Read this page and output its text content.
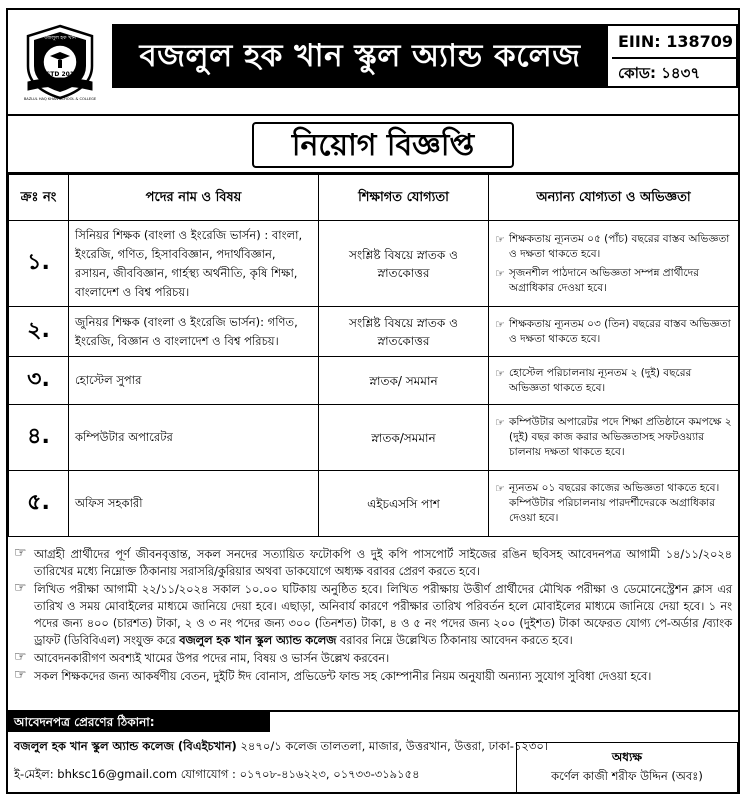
বজলুল হক খান
ESTD 2016
BAZLUL HAQ KHAN SCHOOL & COLLEGE
বজলুল হক খান স্কুল অ্যান্ড কলেজ	EIIN: 138709
কোড: ১৪৩৭
নিয়োগ বিজ্ঞপ্তি
ক্রঃ নং	পদের নাম ও বিষয়	শিক্ষাগত যোগ্যতা	অন্যান্য যোগ্যতা ও অভিজ্ঞতা
১.	সিনিয়র শিক্ষক (বাংলা ও ইংরেজি ভার্সন) : বাংলা, ইংরেজি, গণিত, হিসাববিজ্ঞান, পদার্থবিজ্ঞান, রসায়ন, জীববিজ্ঞান, গার্হস্থ্য অর্থনীতি, কৃষি শিক্ষা, বাংলাদেশ ও বিশ্ব পরিচয়।	সংশ্লিষ্ট বিষয়ে স্নাতক ও স্নাতকোত্তর	☞ শিক্ষকতায় ন্যূনতম ০৫ (পাঁচ) বছরের বাস্তব অভিজ্ঞতা ও দক্ষতা থাকতে হবে।
☞ সৃজনশীল পাঠদানে অভিজ্ঞতা সম্পন্ন প্রার্থীদের অগ্রাধিকার দেওয়া হবে।

২.	জুনিয়র শিক্ষক (বাংলা ও ইংরেজি ভার্সন): গণিত, ইংরেজি, বিজ্ঞান ও বাংলাদেশ ও বিশ্ব পরিচয়।	সংশ্লিষ্ট বিষয়ে স্নাতক ও স্নাতকোত্তর	☞ শিক্ষকতায় ন্যূনতম ০৩ (তিন) বছরের বাস্তব অভিজ্ঞতা ও দক্ষতা থাকতে হবে।

৩.	হোস্টেল সুপার	স্নাতক/ সমমান	☞ হোস্টেল পরিচালনায় ন্যূনতম ২ (দুই) বছরের অভিজ্ঞতা থাকতে হবে।

৪.	কম্পিউটার অপারেটর	স্নাতক/সমমান	☞ কম্পিউটার অপারেটর পদে শিক্ষা প্রতিষ্ঠানে কমপক্ষে ২ (দুই) বছর কাজ করার অভিজ্ঞতাসহ সফটওয়্যার চালনায় দক্ষতা থাকতে হবে।

৫.	অফিস সহকারী	এইচএসসি পাশ	☞ ন্যূনতম ০১ বছরের কাজের অভিজ্ঞতা থাকতে হবে। কম্পিউটার পরিচালনায় পারদর্শীদেরকে অগ্রাধিকার দেওয়া হবে।

☞ আগ্রহী প্রার্থীদের পূর্ণ জীবনবৃত্তান্ত, সকল সনদের সত্যায়িত ফটোকপি ও দুই কপি পাসপোর্ট সাইজের রঙিন ছবিসহ আবেদনপত্র আগামী ১৪/১১/২০২৪ তারিখের মধ্যে নিম্নোক্ত ঠিকানায় সরাসরি/কুরিয়ার অথবা ডাকযোগে অধ্যক্ষ বরাবর প্রেরণ করতে হবে।

☞ লিখিত পরীক্ষা আগামী ২২/১১/২০২৪ সকাল ১০.০০ ঘটিকায় অনুষ্ঠিত হবে। লিখিত পরীক্ষায় উত্তীর্ণ প্রার্থীদের মৌখিক পরীক্ষা ও ডেমোনেস্ট্রেশন ক্লাস এর তারিখ ও সময় মোবাইলের মাধ্যমে জানিয়ে দেয়া হবে। এছাড়া, অনিবার্য কারণে পরীক্ষার তারিখ পরিবর্তন হলে মোবাইলের মাধ্যমে জানিয়ে দেয়া হবে। ১ নং পদের জন্য ৪০০ (চারশত) টাকা, ২ ও ৩ নং পদের জন্য ৩০০ (তিনশত) টাকা, ৪ ও ৫ নং পদের জন্য ২০০ (দুইশত) টাকা অফেরত যোগ্য পে-অর্ডার /ব্যাংক ড্রাফট (ডিবিবিএল) সংযুক্ত করে বজলুল হক খান স্কুল অ্যান্ড কলেজ বরাবর নিম্নে উল্লেখিত ঠিকানায় আবেদন করতে হবে।

☞ আবেদনকারীগণ অবশ্যই খামের উপর পদের নাম, বিষয় ও ভার্সন উল্লেখ করবেন।

☞ সকল শিক্ষকদের জন্য আকর্ষণীয় বেতন, দুইটি ঈদ বোনাস, প্রভিডেন্ট ফান্ড সহ কোম্পানীর নিয়ম অনুযায়ী অন্যান্য সুযোগ সুবিধা দেওয়া হবে।

আবেদনপত্র প্রেরণের ঠিকানা:
বজলুল হক খান স্কুল অ্যান্ড কলেজ (বিএইচখান) ২৪৭০/১ কলেজ তালতলা, মাজার, উত্তরখান, উত্তরা, ঢাকা-১২৩০।
ই-মেইল: bhksc16@gmail.com যোগাযোগ : ০১৭০৮-৪১৬২২৩, ০১৭৩৩-৩১৯১৫৪
অধ্যক্ষ
কর্ণেল কাজী শরীফ উদ্দিন (অবঃ)
